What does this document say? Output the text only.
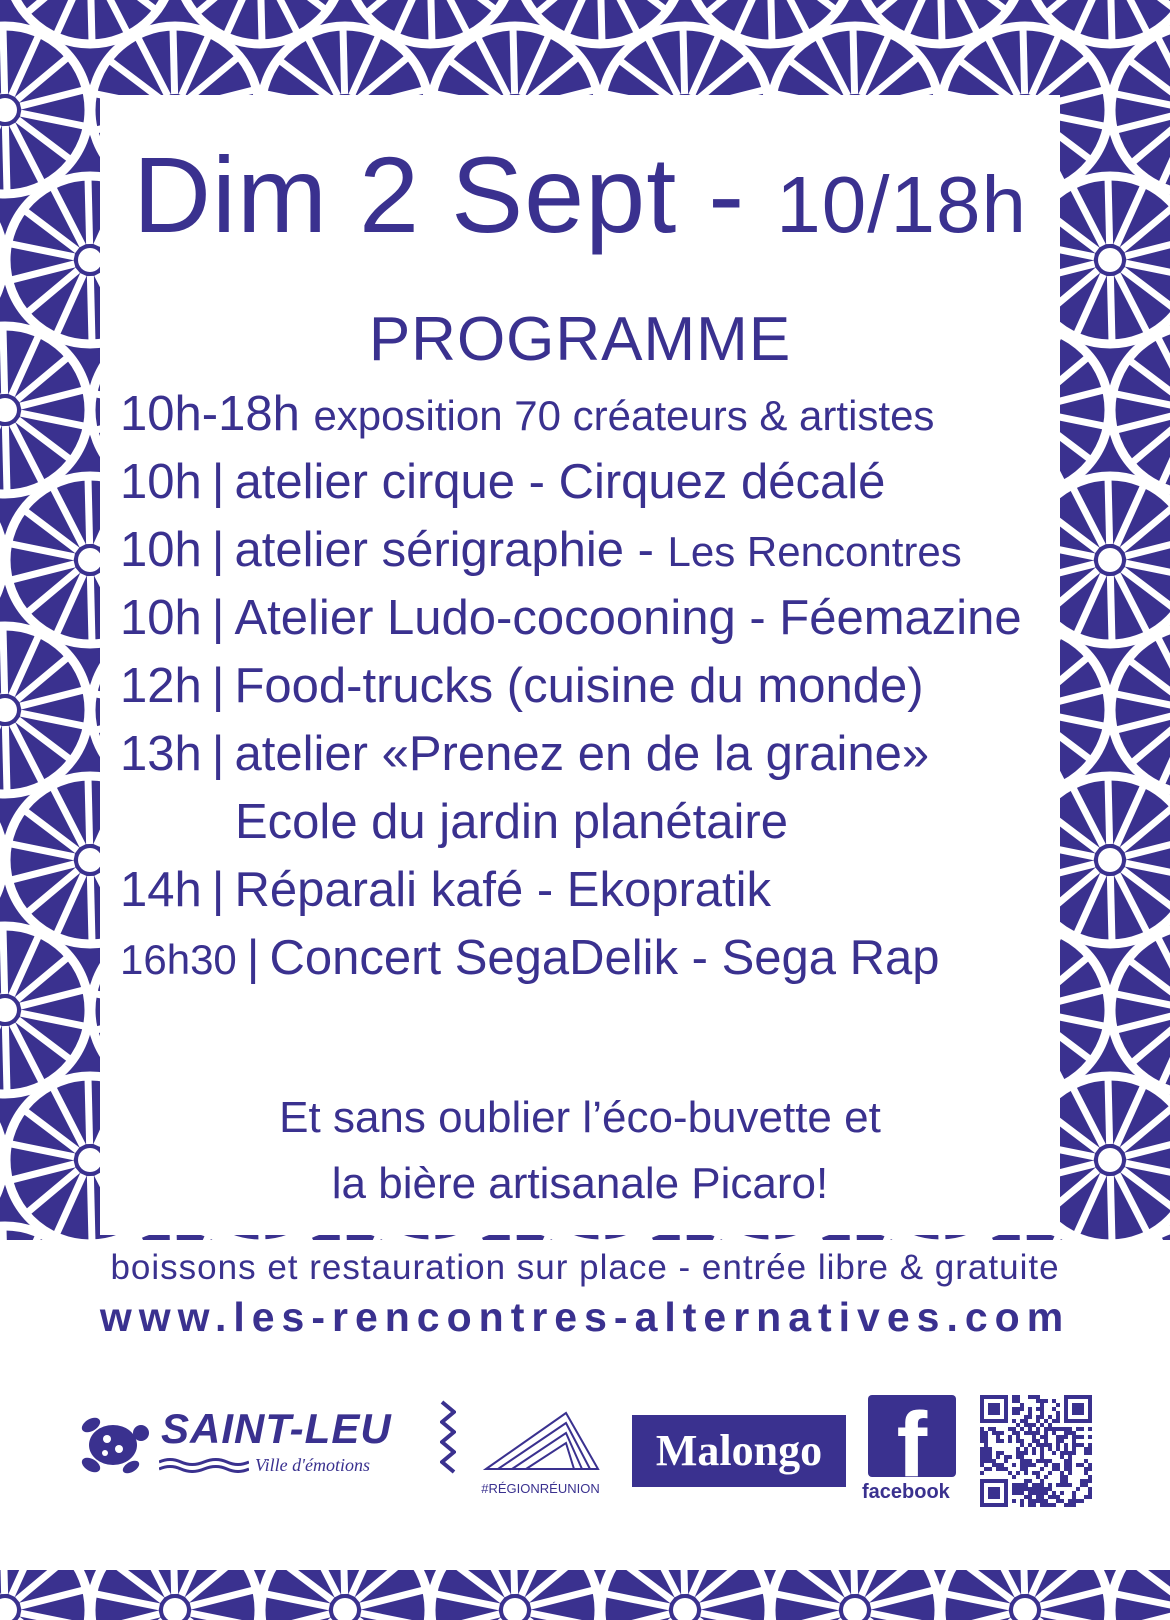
Dim 2 Sept - 10/18h
PROGRAMME
10h-18h exposition 70 créateurs & artistes
10h | atelier cirque - Cirquez décalé
10h | atelier sérigraphie - Les Rencontres
10h | Atelier Ludo-cocooning - Féemazine
12h | Food-trucks (cuisine du monde)
13h | atelier «Prenez en de la graine»
Ecole du jardin planétaire
14h | Réparali kafé - Ekopratik
16h30 | Concert SegaDelik - Sega Rap
Et sans oublier l’éco-buvette et
la bière artisanale Picaro!
boissons et restauration sur place - entrée libre & gratuite
www.les-rencontres-alternatives.com
SAINT-LEU
Ville d'émotions
#RÉGIONRÉUNION
Malongo f
facebook
